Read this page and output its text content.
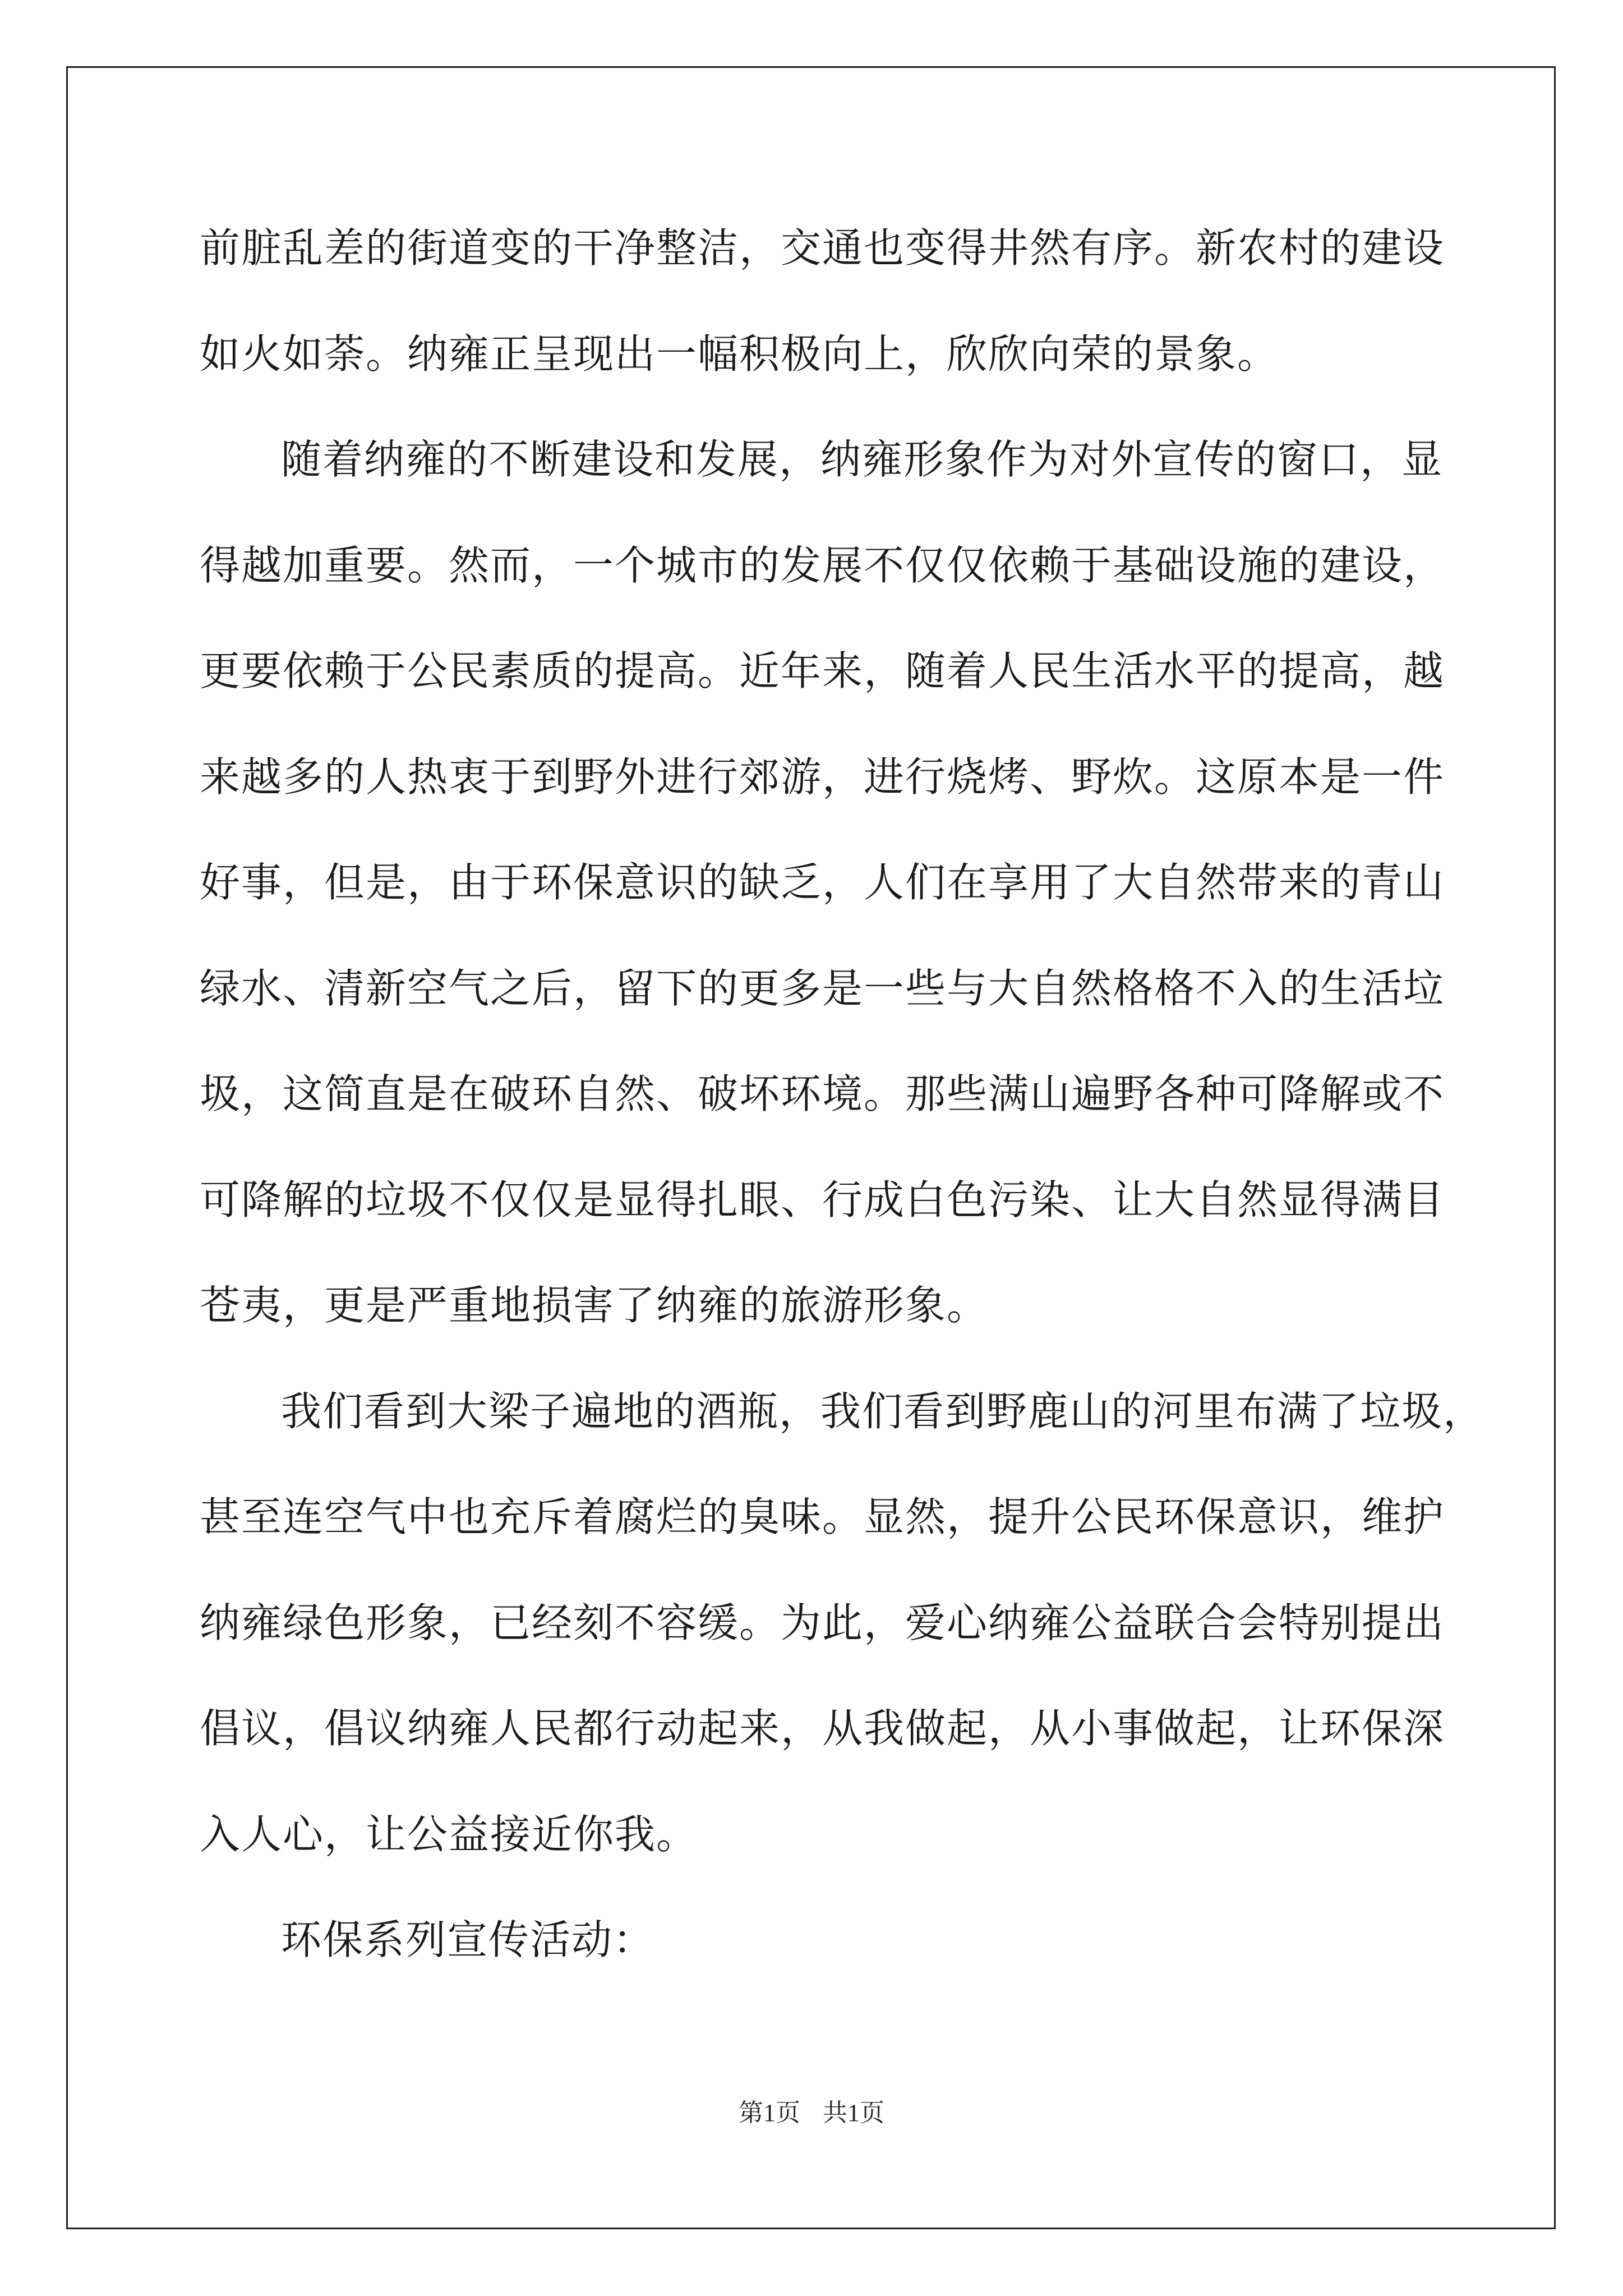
前脏乱差的街道变的干净整洁，交通也变得井然有序。新农村的建设
如火如荼。纳雍正呈现出一幅积极向上，欣欣向荣的景象。
随着纳雍的不断建设和发展，纳雍形象作为对外宣传的窗口，显
得越加重要。然而，一个城市的发展不仅仅依赖于基础设施的建设，
更要依赖于公民素质的提高。近年来，随着人民生活水平的提高，越
来越多的人热衷于到野外进行郊游，进行烧烤、野炊。这原本是一件
好事，但是，由于环保意识的缺乏，人们在享用了大自然带来的青山
绿水、清新空气之后，留下的更多是一些与大自然格格不入的生活垃
圾，这简直是在破环自然、破坏环境。那些满山遍野各种可降解或不
可降解的垃圾不仅仅是显得扎眼、行成白色污染、让大自然显得满目
苍夷，更是严重地损害了纳雍的旅游形象。
我们看到大梁子遍地的酒瓶，我们看到野鹿山的河里布满了垃圾，
甚至连空气中也充斥着腐烂的臭味。显然，提升公民环保意识，维护
纳雍绿色形象，已经刻不容缓。为此，爱心纳雍公益联合会特别提出
倡议，倡议纳雍人民都行动起来，从我做起，从小事做起，让环保深
入人心，让公益接近你我。
环保系列宣传活动：
第1页 共1页
